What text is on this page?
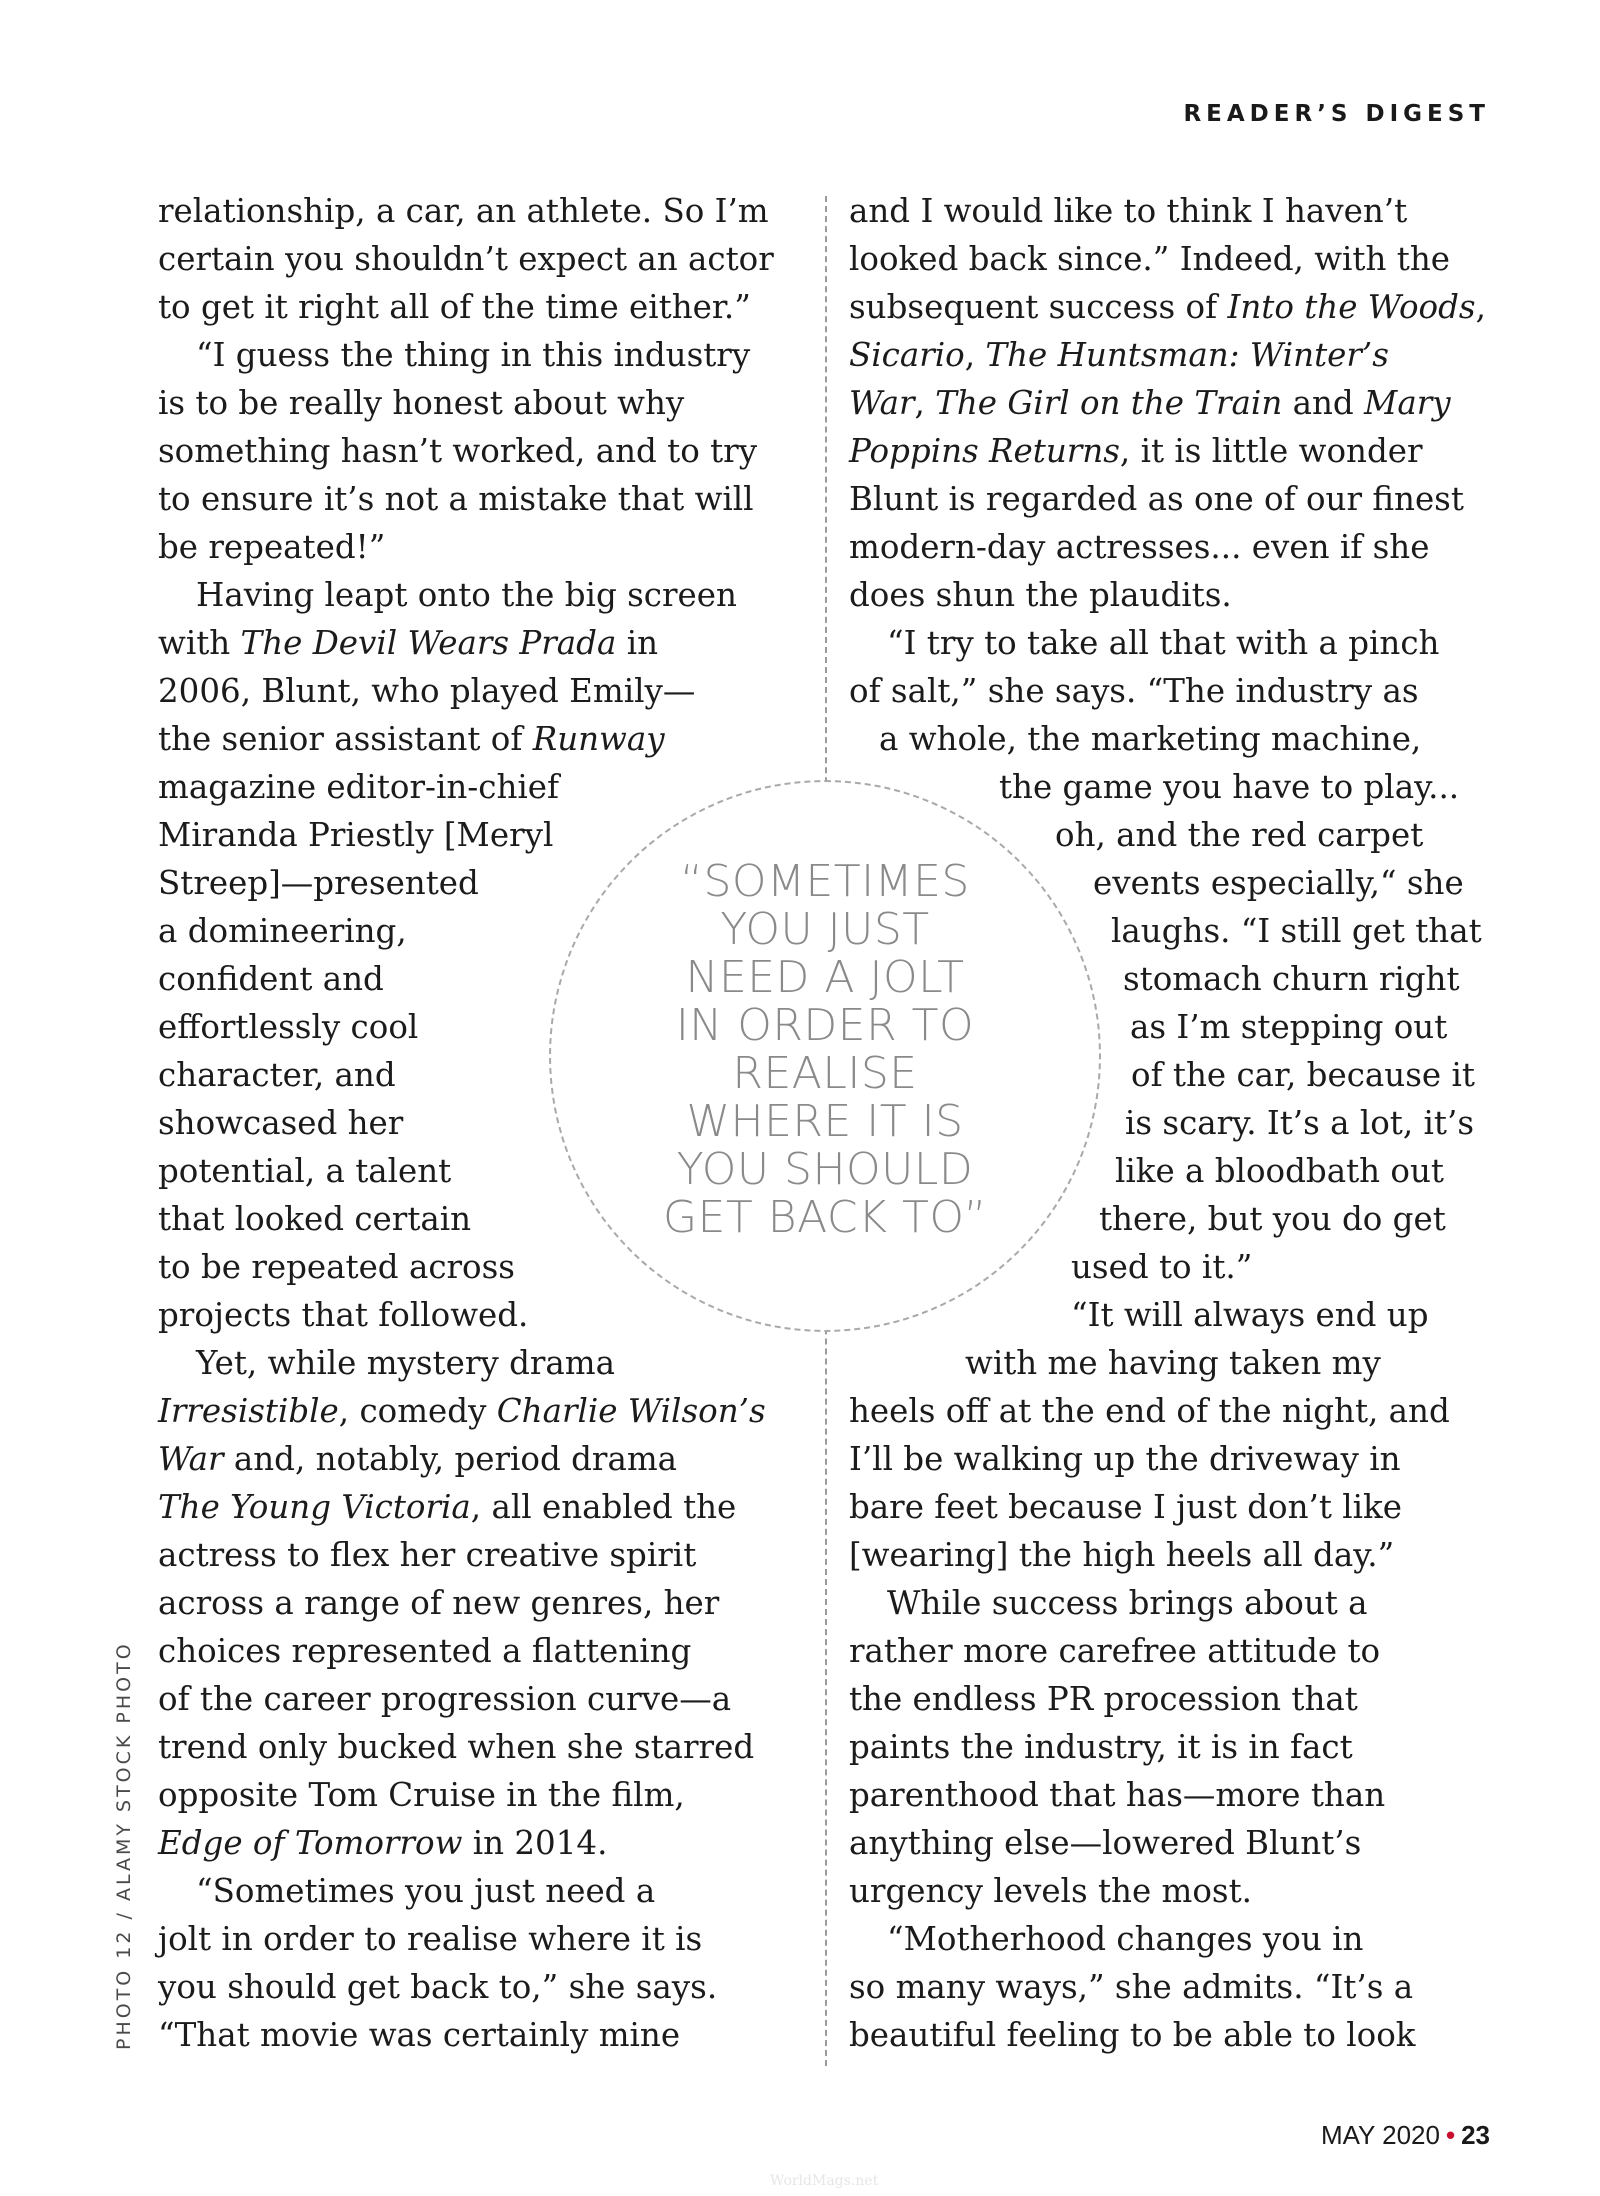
READER’S DIGEST
relationship, a car, an athlete. So I’m
certain you shouldn’t expect an actor
to get it right all of the time either.”
“I guess the thing in this industry
is to be really honest about why
something hasn’t worked, and to try
to ensure it’s not a mistake that will
be repeated!”
Having leapt onto the big screen
with The Devil Wears Prada in
2006, Blunt, who played Emily—
the senior assistant of Runway
magazine editor-in-chief
Miranda Priestly [Meryl
Streep]—presented
a domineering,
confident and
effortlessly cool
character, and
showcased her
potential, a talent
that looked certain
to be repeated across
projects that followed.
Yet, while mystery drama
Irresistible, comedy Charlie Wilson’s
War and, notably, period drama
The Young Victoria, all enabled the
actress to flex her creative spirit
across a range of new genres, her
choices represented a flattening
of the career progression curve—a
trend only bucked when she starred
opposite Tom Cruise in the film,
Edge of Tomorrow in 2014.
“Sometimes you just need a
jolt in order to realise where it is
you should get back to,” she says.
“That movie was certainly mine
and I would like to think I haven’t
looked back since.” Indeed, with the
subsequent success of Into the Woods,
Sicario, The Huntsman: Winter’s
War, The Girl on the Train and Mary
Poppins Returns, it is little wonder
Blunt is regarded as one of our finest
modern-day actresses... even if she
does shun the plaudits.
“I try to take all that with a pinch
of salt,” she says. “The industry as
a whole, the marketing machine,
the game you have to play...
oh, and the red carpet
events especially,“ she
laughs. “I still get that
stomach churn right
as I’m stepping out
of the car, because it
is scary. It’s a lot, it’s
like a bloodbath out
there, but you do get
used to it.”
“It will always end up
with me having taken my
heels off at the end of the night, and
I’ll be walking up the driveway in
bare feet because I just don’t like
[wearing] the high heels all day.”
While success brings about a
rather more carefree attitude to
the endless PR procession that
paints the industry, it is in fact
parenthood that has—more than
anything else—lowered Blunt’s
urgency levels the most.
“Motherhood changes you in
so many ways,” she admits. “It’s a
beautiful feeling to be able to look
“SOMETIMES
YOU JUST
NEED A JOLT
IN ORDER TO
REALISE
WHERE IT IS
YOU SHOULD
GET BACK TO”
PHOTO 12 / ALAMY STOCK PHOTO
MAY 2020 • 23
WorldMags.net
